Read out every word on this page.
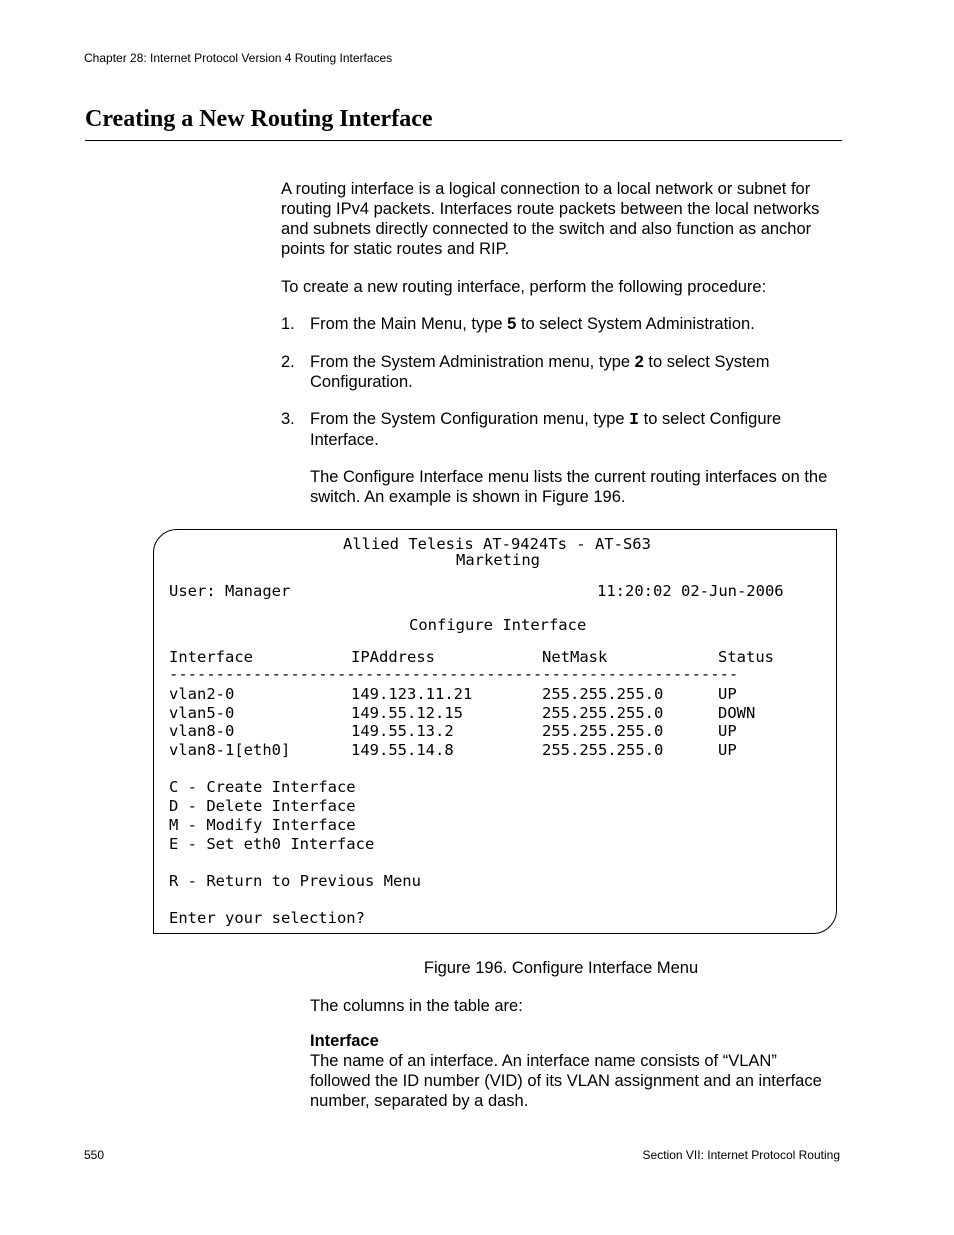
Chapter 28: Internet Protocol Version 4 Routing Interfaces
Creating a New Routing Interface
A routing interface is a logical connection to a local network or subnet for
routing IPv4 packets. Interfaces route packets between the local networks
and subnets directly connected to the switch and also function as anchor
points for static routes and RIP.
To create a new routing interface, perform the following procedure:
1. From the Main Menu, type 5 to select System Administration.
2. From the System Administration menu, type 2 to select System
Configuration.
3. From the System Configuration menu, type I to select Configure
Interface.
The Configure Interface menu lists the current routing interfaces on the
switch. An example is shown in Figure 196.
Allied Telesis AT-9424Ts - AT-S63
Marketing
User: Manager	11:20:02 02-Jun-2006
Configure Interface
Interface	IPAddress	NetMask	Status
-------------------------------------------------------------
vlan2-0	149.123.11.21	255.255.255.0	UP
vlan5-0	149.55.12.15	255.255.255.0	DOWN
vlan8-0	149.55.13.2	255.255.255.0	UP
vlan8-1[eth0]	149.55.14.8	255.255.255.0	UP
C - Create Interface
D - Delete Interface
M - Modify Interface
E - Set eth0 Interface
R - Return to Previous Menu
Enter your selection?
Figure 196. Configure Interface Menu
The columns in the table are:
Interface
The name of an interface. An interface name consists of “VLAN”
followed the ID number (VID) of its VLAN assignment and an interface
number, separated by a dash.
550	Section VII: Internet Protocol Routing
